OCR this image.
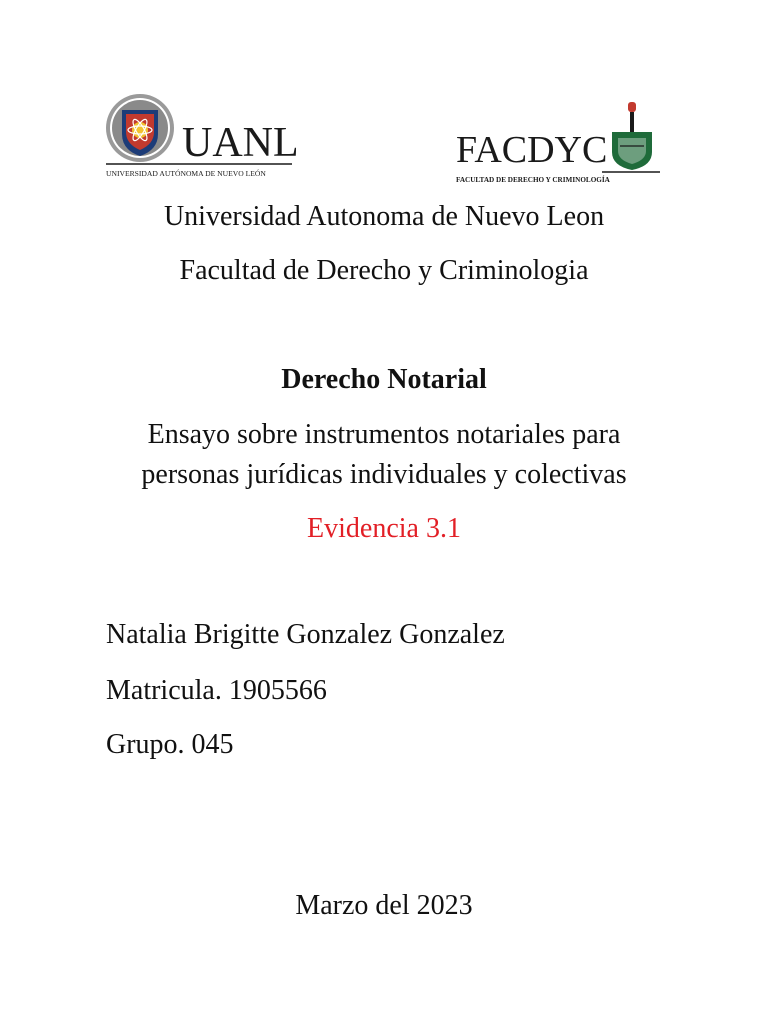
UANL
UNIVERSIDAD AUTÓNOMA DE NUEVO LEÓN
FACDYC
FACULTAD DE DERECHO Y CRIMINOLOGÍA
Universidad Autonoma de Nuevo Leon
Facultad de Derecho y Criminologia
Derecho Notarial
Ensayo sobre instrumentos notariales para
personas jurídicas individuales y colectivas
Evidencia 3.1
Natalia Brigitte Gonzalez Gonzalez
Matricula. 1905566
Grupo. 045
Marzo del 2023
